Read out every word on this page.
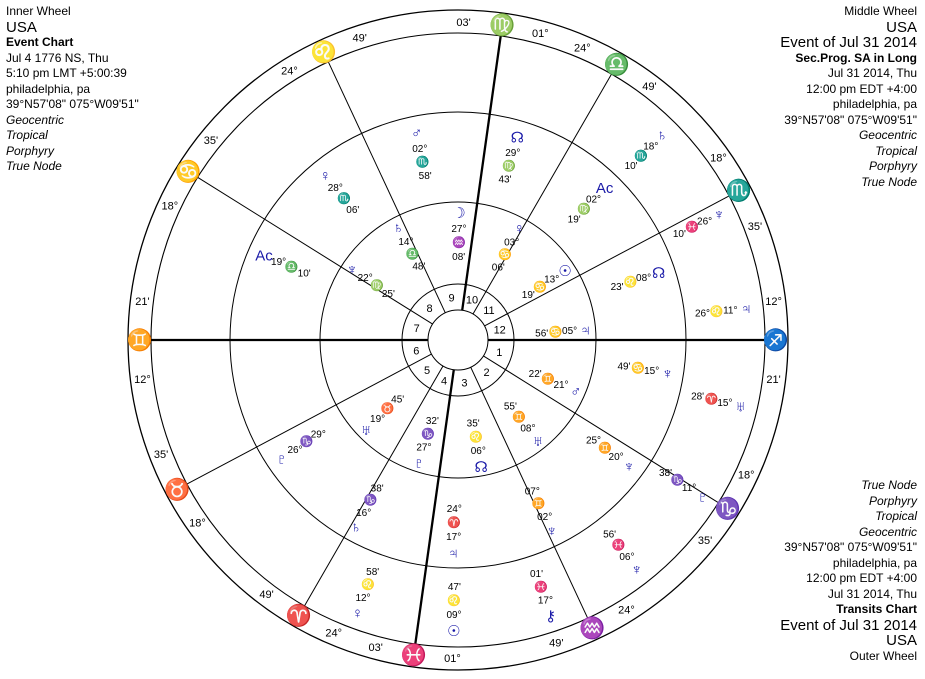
Inner Wheel
USA
Event Chart
Jul 4 1776 NS, Thu
5:10 pm LMT +5:00:39
philadelphia, pa
39°N57'08" 075°W09'51"
Geocentric
Tropical
Porphyry
True Node
Middle Wheel
USA
Event of Jul 31 2014
Sec.Prog. SA in Long
Jul 31 2014, Thu
12:00 pm EDT +4:00
philadelphia, pa
39°N57'08" 075°W09'51"
Geocentric
Tropical
Porphyry
True Node
True Node
Porphyry
Tropical
Geocentric
39°N57'08" 075°W09'51"
philadelphia, pa
12:00 pm EDT +4:00
Jul 31 2014, Thu
Transits Chart
Event of Jul 31 2014
USA
Outer Wheel
♐
12°
21'
♑
18°
35'
♒
24°
49'
♓ 01°
03'
♈
24°
49'
♉
18°
35'
♊
12°
21'
♋
18°
35'
♌
24°
49'
♍
03'
01°
♎
24°
49'
♏
18°
35'
1
2
3
4
5
6
7
8
9 10
11
12
♄
18°
♏
10'
♆
26°
♓
10'
♃
11°
♌
26°
♅
15°
♈
28'
♇
11°
♑
38'
♆
06°
♓
56'
⚷
17°
♓
01'
☉
09°
♌
47'
♀
12°
♌
58'
Ac
19°
♎
10'
♀
28°
♏
06'
♂
02°
♏
58'
☊
29°
♍
43'	Ac
02°
♍
19'
☊
08°
♌
23'
♆
15°
♋
49'
♆
20°
♊
25°
♆
02°
♊
07°
♃
17°
♈
24°
♄
16°
♑
38'
♇
26°
♑
29°
♆
22°
♍
25'
♄
14°
♎
48'
☽
27°
♒
08'
♀
03°
♋
06'	☉
13°
♋
19'
♃
05°
♋
56'
♂
21°
♊
22'
♅
08°
♊
55'
☊
06°
♌
35'
♇
27°
♑
32'
♅
19°
♉
45'
